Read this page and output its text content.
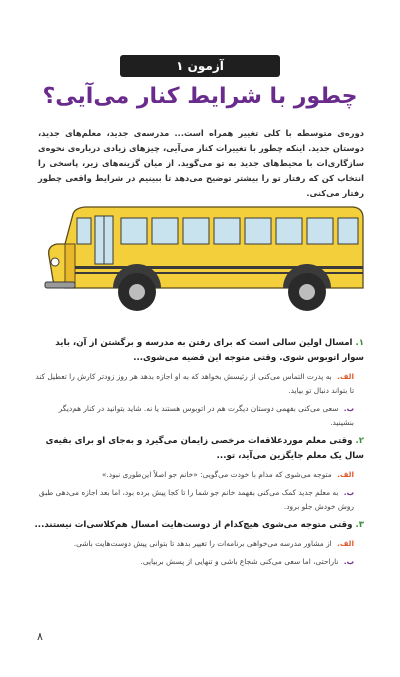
آزمون ۱
چطور با شرایط کنار می‌آیی؟

دوره‌ی متوسطه با کلی تغییر همراه است... مدرسه‌ی جدید، معلم‌های جدید، دوستان جدید. اینکه چطور با تغییرات کنار می‌آیی، چیزهای زیادی درباره‌ی نحوه‌ی سازگاری‌ات با محیط‌های جدید به تو می‌گوید. از میان گزینه‌های زیر، پاسخی را انتخاب کن که رفتار تو را بیشتر توضیح می‌دهد تا ببینیم در شرایط واقعی چطور رفتار می‌کنی.

۱. امسال اولین سالی است که برای رفتن به مدرسه و برگشتن از آن، باید سوار اتوبوس شوی. وقتی متوجه این قضیه می‌شوی...

الف. به پدرت التماس می‌کنی از رئیسش بخواهد که به او اجازه بدهد هر روز زودتر کارش را تعطیل کند تا بتواند دنبال تو بیاید.

ب. سعی می‌کنی بفهمی دوستان دیگرت هم در اتوبوس هستند یا نه. شاید بتوانید در کنار هم‌دیگر بنشینید.

۲. وقتی معلم موردعلاقه‌ات مرخصی زایمان می‌گیرد و به‌جای او برای بقیه‌ی سال یک معلم جایگزین می‌آید، تو...

الف. متوجه می‌شوی که مدام با خودت می‌گویی: «خانم جو اصلاً این‌طوری نبود.»

ب. به معلم جدید کمک می‌کنی بفهمد خانم جو شما را تا کجا پیش برده بود، اما بعد اجازه می‌دهی طبق روش خودش جلو برود.

۳. وقتی متوجه می‌شوی هیچ‌کدام از دوست‌هایت امسال هم‌کلاسی‌ات نیستند...

الف. از مشاور مدرسه می‌خواهی برنامه‌ات را تغییر بدهد تا بتوانی پیش دوست‌هایت باشی.

ب. ناراحتی، اما سعی می‌کنی شجاع باشی و تنهایی از پسش بربیایی.

۸
